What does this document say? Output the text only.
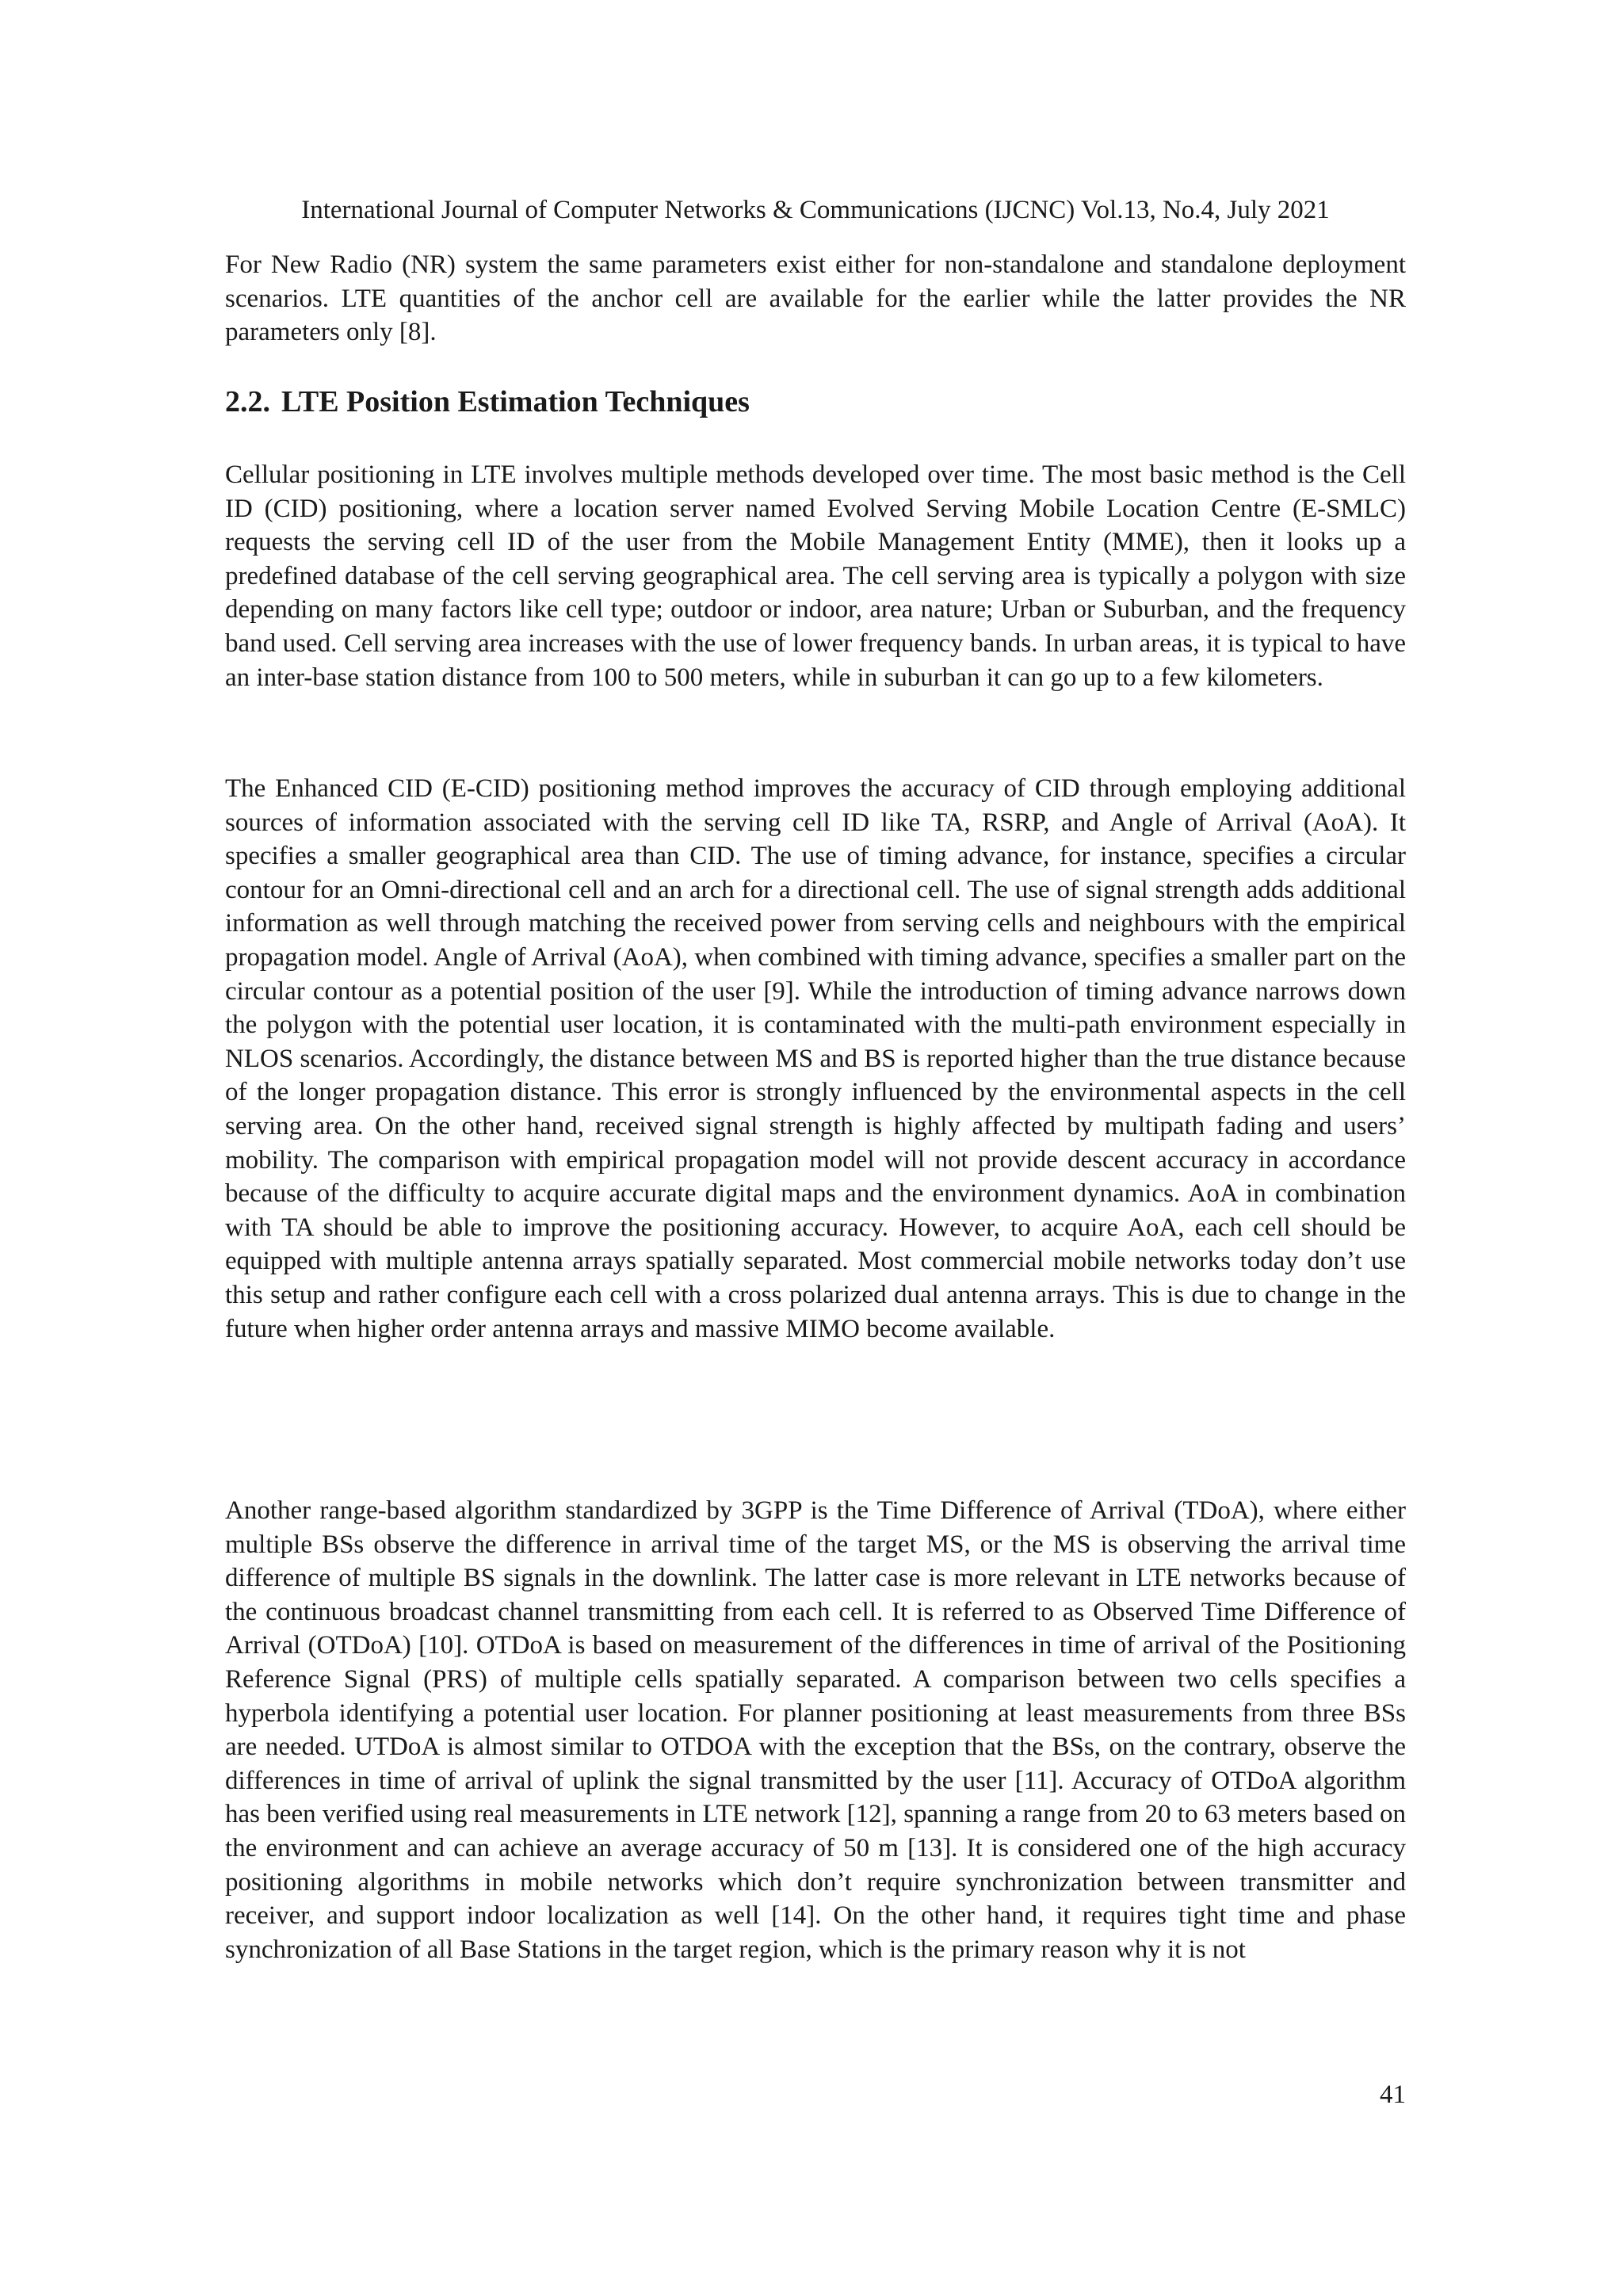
International Journal of Computer Networks & Communications (IJCNC) Vol.13, No.4, July 2021

For New Radio (NR) system the same parameters exist either for non-standalone and standalone deployment scenarios. LTE quantities of the anchor cell are available for the earlier while the latter provides the NR parameters only [8].

2.2. LTE Position Estimation Techniques

Cellular positioning in LTE involves multiple methods developed over time. The most basic method is the Cell ID (CID) positioning, where a location server named Evolved Serving Mobile Location Centre (E-SMLC) requests the serving cell ID of the user from the Mobile Management Entity (MME), then it looks up a predefined database of the cell serving geographical area. The cell serving area is typically a polygon with size depending on many factors like cell type; outdoor or indoor, area nature; Urban or Suburban, and the frequency band used. Cell serving area increases with the use of lower frequency bands. In urban areas, it is typical to have an inter-base station distance from 100 to 500 meters, while in suburban it can go up to a few kilometers.

The Enhanced CID (E-CID) positioning method improves the accuracy of CID through employing additional sources of information associated with the serving cell ID like TA, RSRP, and Angle of Arrival (AoA). It specifies a smaller geographical area than CID. The use of timing advance, for instance, specifies a circular contour for an Omni-directional cell and an arch for a directional cell. The use of signal strength adds additional information as well through matching the received power from serving cells and neighbours with the empirical propagation model. Angle of Arrival (AoA), when combined with timing advance, specifies a smaller part on the circular contour as a potential position of the user [9]. While the introduction of timing advance narrows down the polygon with the potential user location, it is contaminated with the multi-path environment especially in NLOS scenarios. Accordingly, the distance between MS and BS is reported higher than the true distance because of the longer propagation distance. This error is strongly influenced by the environmental aspects in the cell serving area. On the other hand, received signal strength is highly affected by multipath fading and users’ mobility. The comparison with empirical propagation model will not provide descent accuracy in accordance because of the difficulty to acquire accurate digital maps and the environment dynamics. AoA in combination with TA should be able to improve the positioning accuracy. However, to acquire AoA, each cell should be equipped with multiple antenna arrays spatially separated. Most commercial mobile networks today don’t use this setup and rather configure each cell with a cross polarized dual antenna arrays. This is due to change in the future when higher order antenna arrays and massive MIMO become available.

Another range-based algorithm standardized by 3GPP is the Time Difference of Arrival (TDoA), where either multiple BSs observe the difference in arrival time of the target MS, or the MS is observing the arrival time difference of multiple BS signals in the downlink. The latter case is more relevant in LTE networks because of the continuous broadcast channel transmitting from each cell. It is referred to as Observed Time Difference of Arrival (OTDoA) [10]. OTDoA is based on measurement of the differences in time of arrival of the Positioning Reference Signal (PRS) of multiple cells spatially separated. A comparison between two cells specifies a hyperbola identifying a potential user location. For planner positioning at least measurements from three BSs are needed. UTDoA is almost similar to OTDOA with the exception that the BSs, on the contrary, observe the differences in time of arrival of uplink the signal transmitted by the user [11]. Accuracy of OTDoA algorithm has been verified using real measurements in LTE network [12], spanning a range from 20 to 63 meters based on the environment and can achieve an average accuracy of 50 m [13]. It is considered one of the high accuracy positioning algorithms in mobile networks which don’t require synchronization between transmitter and receiver, and support indoor localization as well [14]. On the other hand, it requires tight time and phase synchronization of all Base Stations in the target region, which is the primary reason why it is not

41
